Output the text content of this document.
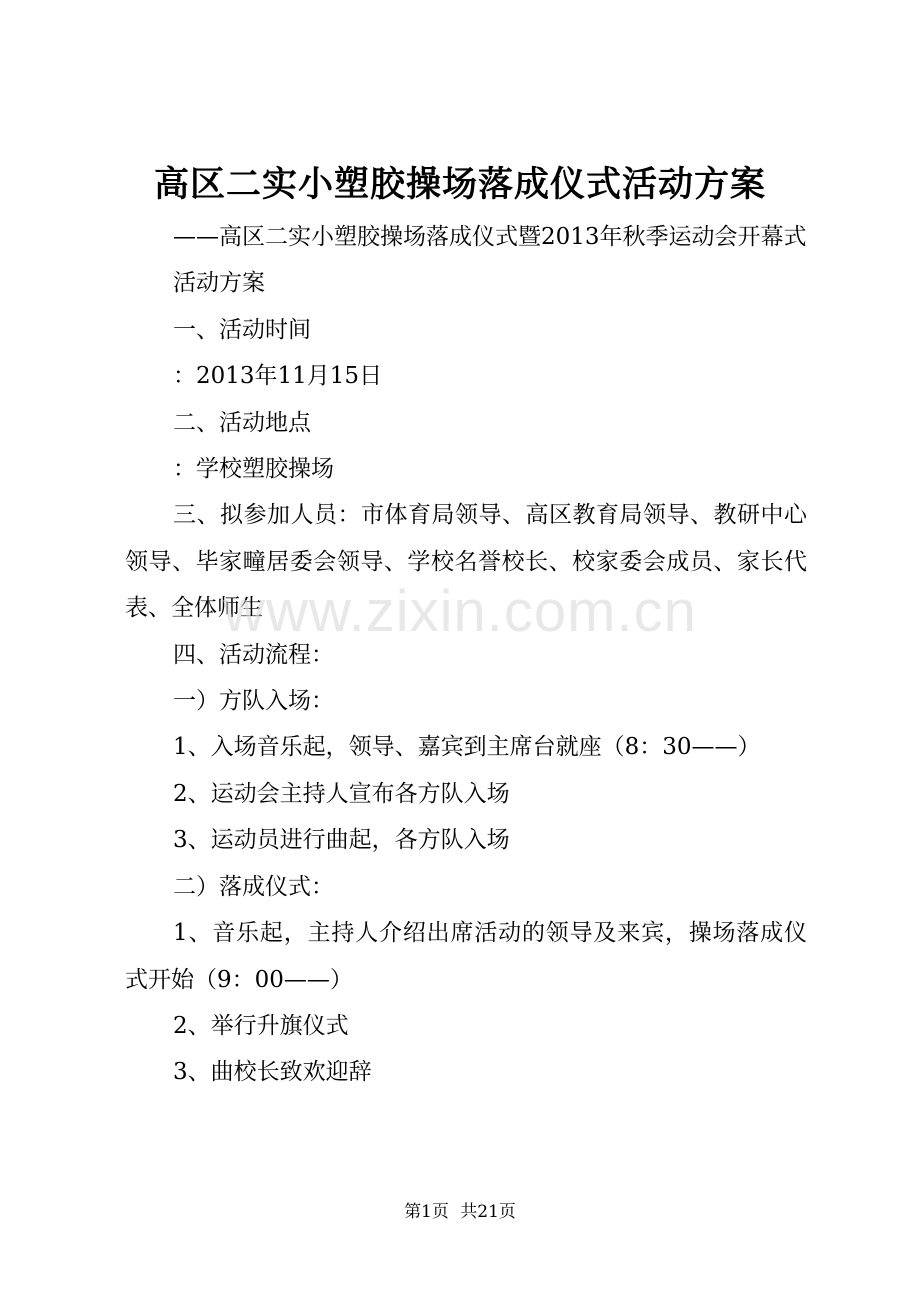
高区二实小塑胶操场落成仪式活动方案

——高区二实小塑胶操场落成仪式暨2013年秋季运动会开幕式

活动方案

一、活动时间

：2013年11月15日

二、活动地点

：学校塑胶操场

三、拟参加人员：市体育局领导、高区教育局领导、教研中心领导、毕家疃居委会领导、学校名誉校长、校家委会成员、家长代表、全体师生

四、活动流程：

一）方队入场：

1、入场音乐起，领导、嘉宾到主席台就座（8：30——）

2、运动会主持人宣布各方队入场

3、运动员进行曲起，各方队入场

二）落成仪式：

1、音乐起，主持人介绍出席活动的领导及来宾，操场落成仪式开始（9：00——）

2、举行升旗仪式

3、曲校长致欢迎辞

www.zixin.com.cn
第1页 共21页
